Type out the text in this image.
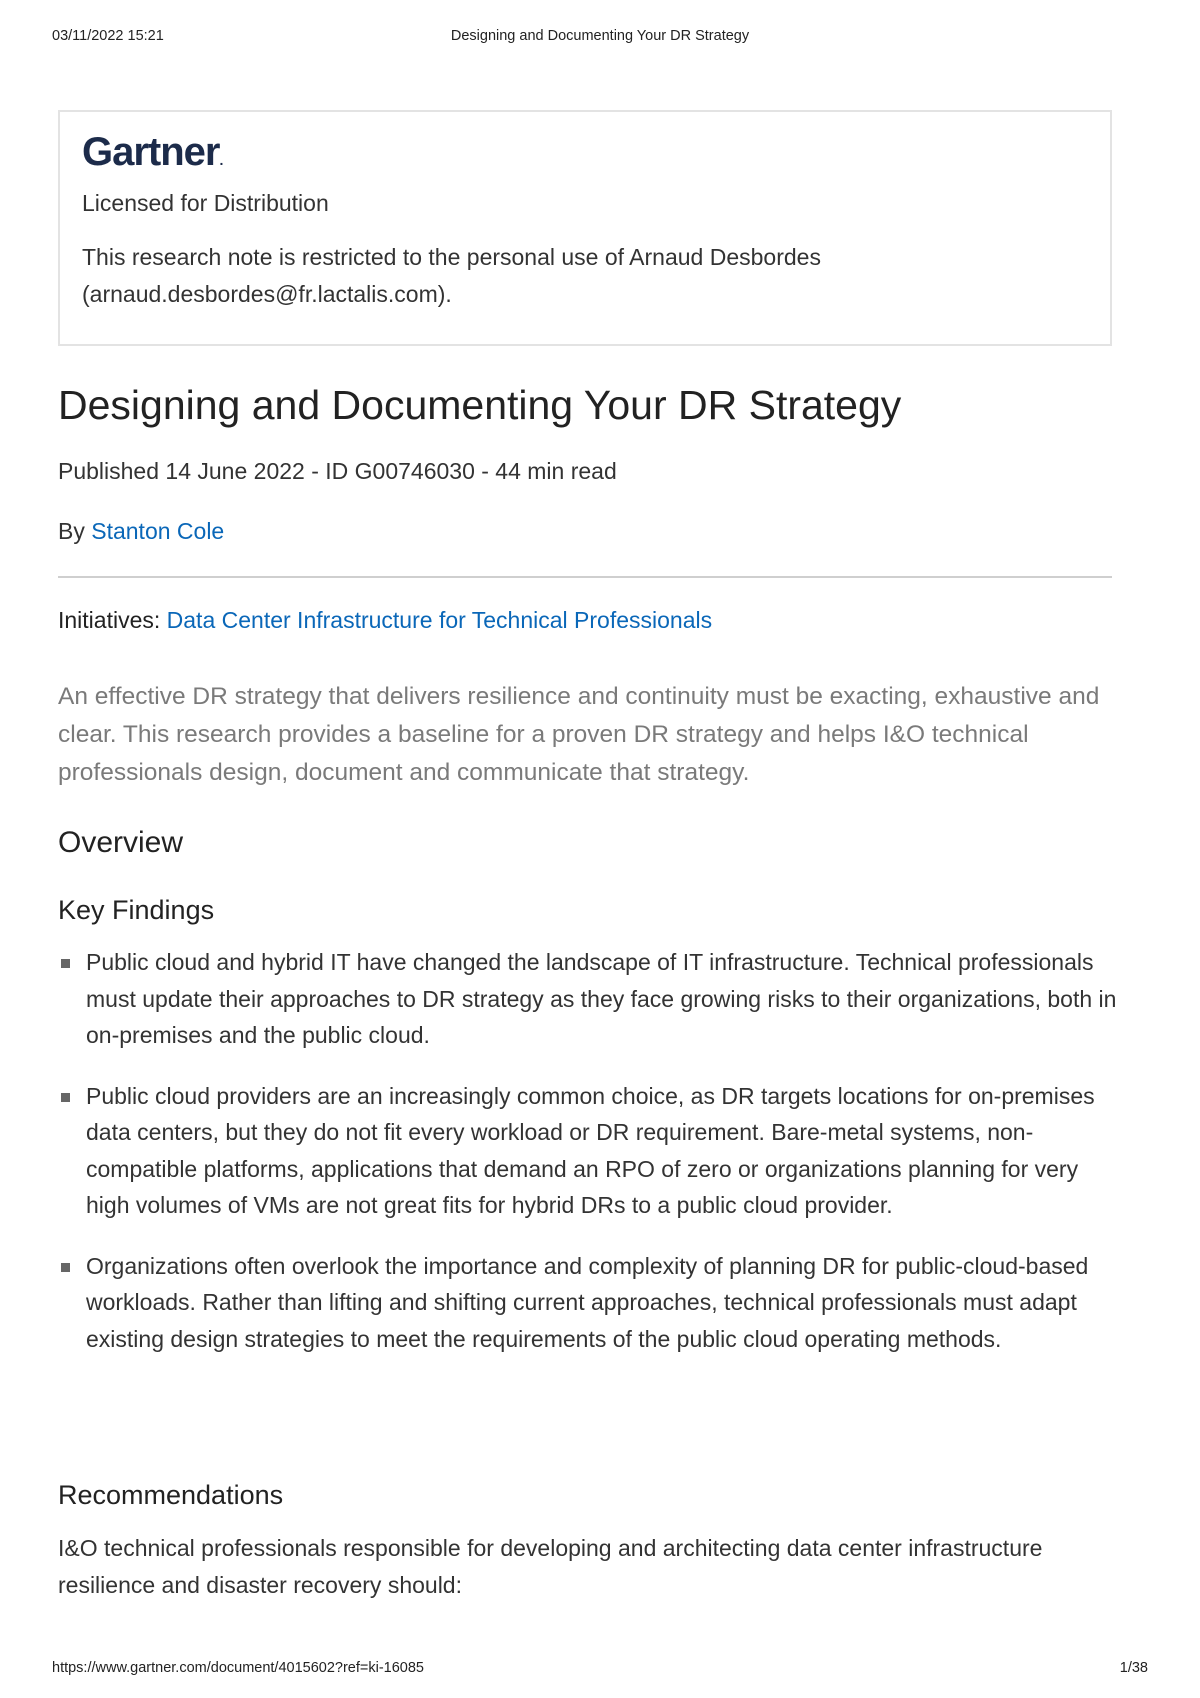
03/11/2022 15:21	Designing and Documenting Your DR Strategy
Gartner.
Licensed for Distribution
This research note is restricted to the personal use of Arnaud Desbordes
(arnaud.desbordes@fr.lactalis.com).
Designing and Documenting Your DR Strategy
Published 14 June 2022 - ID G00746030 - 44 min read
By Stanton Cole
Initiatives: Data Center Infrastructure for Technical Professionals

An effective DR strategy that delivers resilience and continuity must be exacting, exhaustive and clear. This research provides a baseline for a proven DR strategy and helps I&O technical professionals design, document and communicate that strategy.

Overview
Key Findings
Public cloud and hybrid IT have changed the landscape of IT infrastructure. Technical professionals must update their approaches to DR strategy as they face growing risks to their organizations, both in on-premises and the public cloud.
Public cloud providers are an increasingly common choice, as DR targets locations for on-premises data centers, but they do not fit every workload or DR requirement. Bare-metal systems, non-compatible platforms, applications that demand an RPO of zero or organizations planning for very high volumes of VMs are not great fits for hybrid DRs to a public cloud provider.
Organizations often overlook the importance and complexity of planning DR for public-cloud-based workloads. Rather than lifting and shifting current approaches, technical professionals must adapt existing design strategies to meet the requirements of the public cloud operating methods.
Recommendations

I&O technical professionals responsible for developing and architecting data center infrastructure resilience and disaster recovery should:

https://www.gartner.com/document/4015602?ref=ki-16085	1/38
